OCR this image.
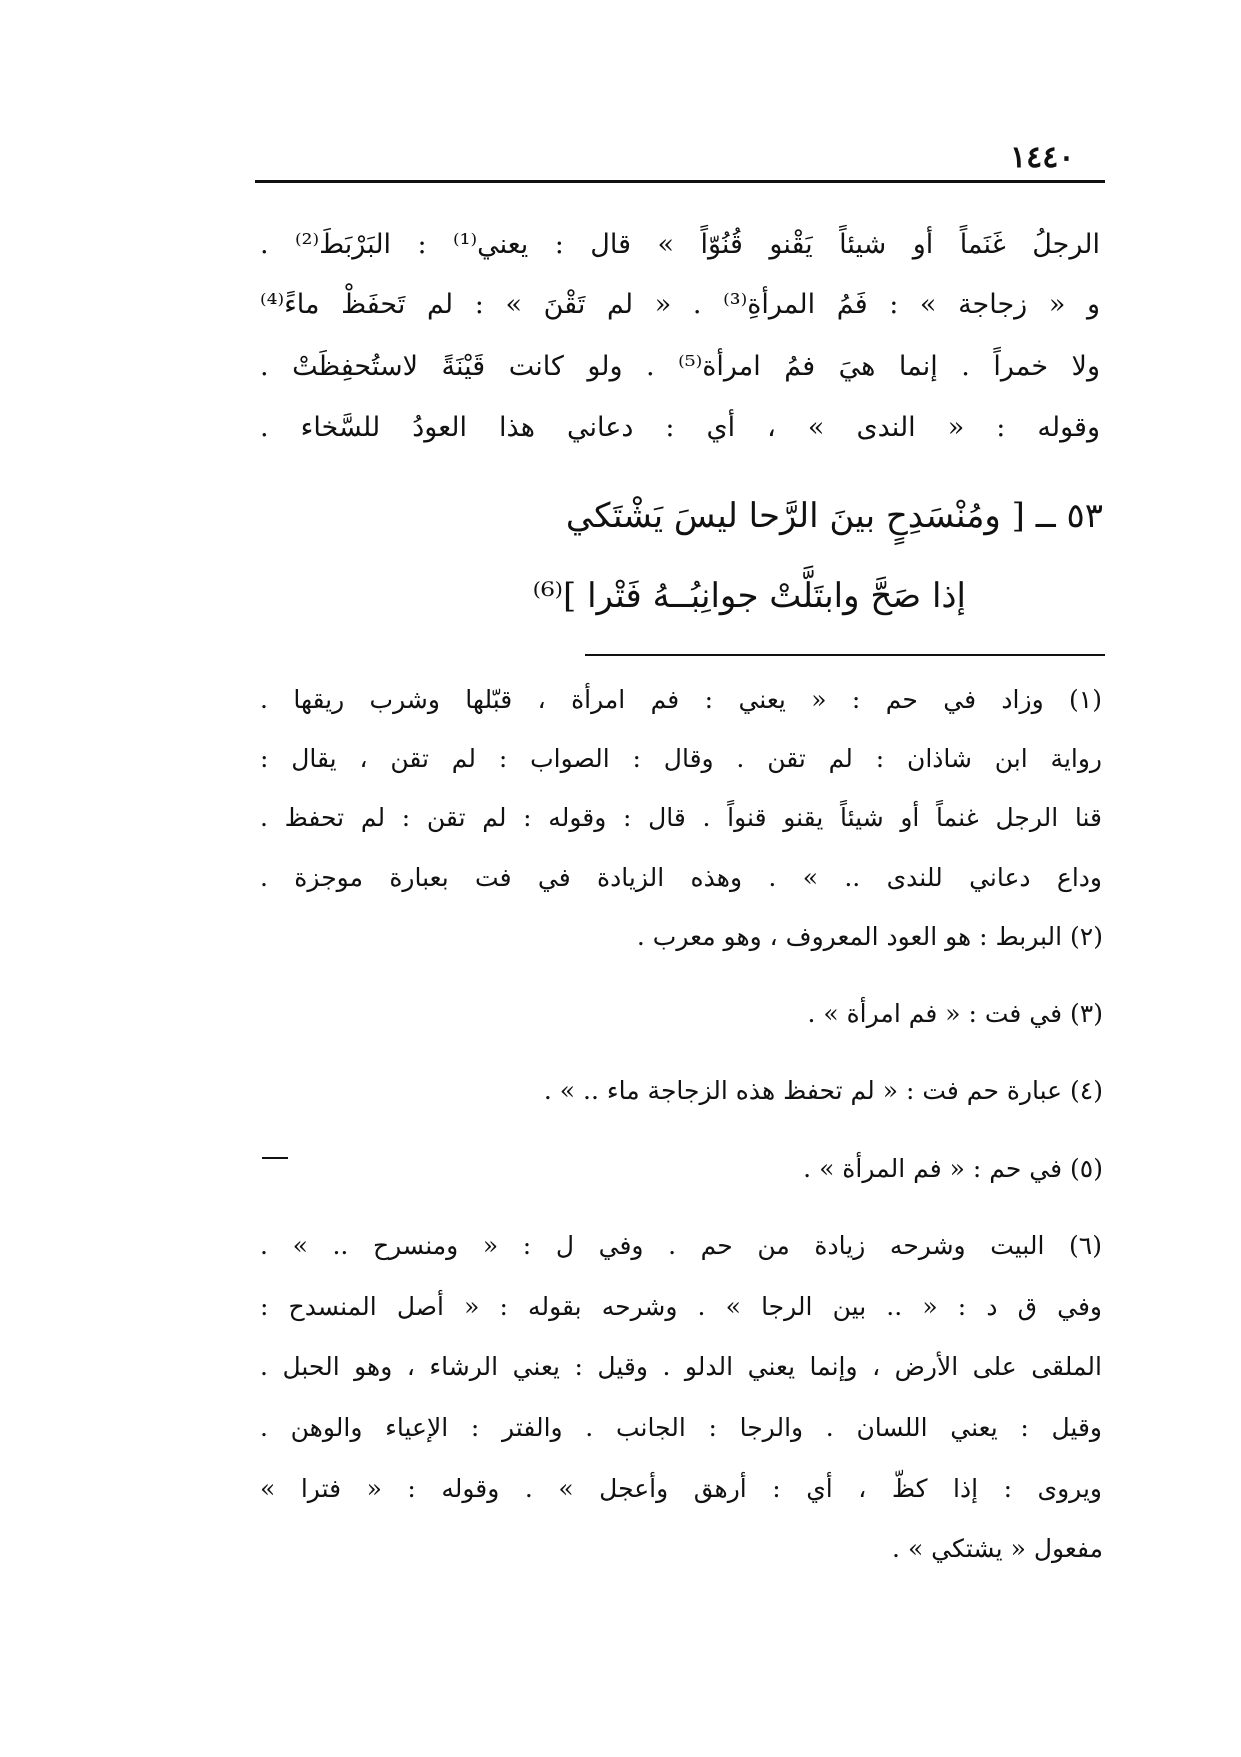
١٤٤٠
الرجلُ غَنَماً أو شيئاً يَقْنو قُنُوّاً » قال : يعني⁽¹⁾ : البَرْبَطَ⁽²⁾ .
و « زجاجة » : فَمُ المرأةِ⁽³⁾ . « لم تَقْنَ » : لم تَحفَظْ ماءً⁽⁴⁾
ولا خمراً . إنما هيَ فمُ امرأة⁽⁵⁾ . ولو كانت قَيْنَةً لاستُحفِظَتْ .
وقوله : « الندى » ، أي : دعاني هذا العودُ للسَّخاء .
٥٣ ــ [ ومُنْسَدِحٍ بينَ الرَّحا ليسَ يَشْتَكي
إذا صَحَّ وابتَلَّتْ جوانِبُــهُ فَتْرا ]⁽⁶⁾
(١) وزاد في حم : « يعني : فم امرأة ، قبّلها وشرب ريقها .
رواية ابن شاذان : لم تقن . وقال : الصواب : لم تقن ، يقال :
قنا الرجل غنماً أو شيئاً يقنو قنواً . قال : وقوله : لم تقن : لم تحفظ .
وداع دعاني للندى .. » . وهذه الزيادة في فت بعبارة موجزة .
(٢) البربط : هو العود المعروف ، وهو معرب .
(٣) في فت : « فم امرأة » .
(٤) عبارة حم فت : « لم تحفظ هذه الزجاجة ماء .. » .
(٥) في حم : « فم المرأة » .
(٦) البيت وشرحه زيادة من حم . وفي ل : « ومنسرح .. » .
وفي ق د : « .. بين الرجا » . وشرحه بقوله : « أصل المنسدح :
الملقى على الأرض ، وإنما يعني الدلو . وقيل : يعني الرشاء ، وهو الحبل .
وقيل : يعني اللسان . والرجا : الجانب . والفتر : الإعياء والوهن .
ويروى : إذا كظّ ، أي : أرهق وأعجل » . وقوله : « فترا »
مفعول « يشتكي » .
